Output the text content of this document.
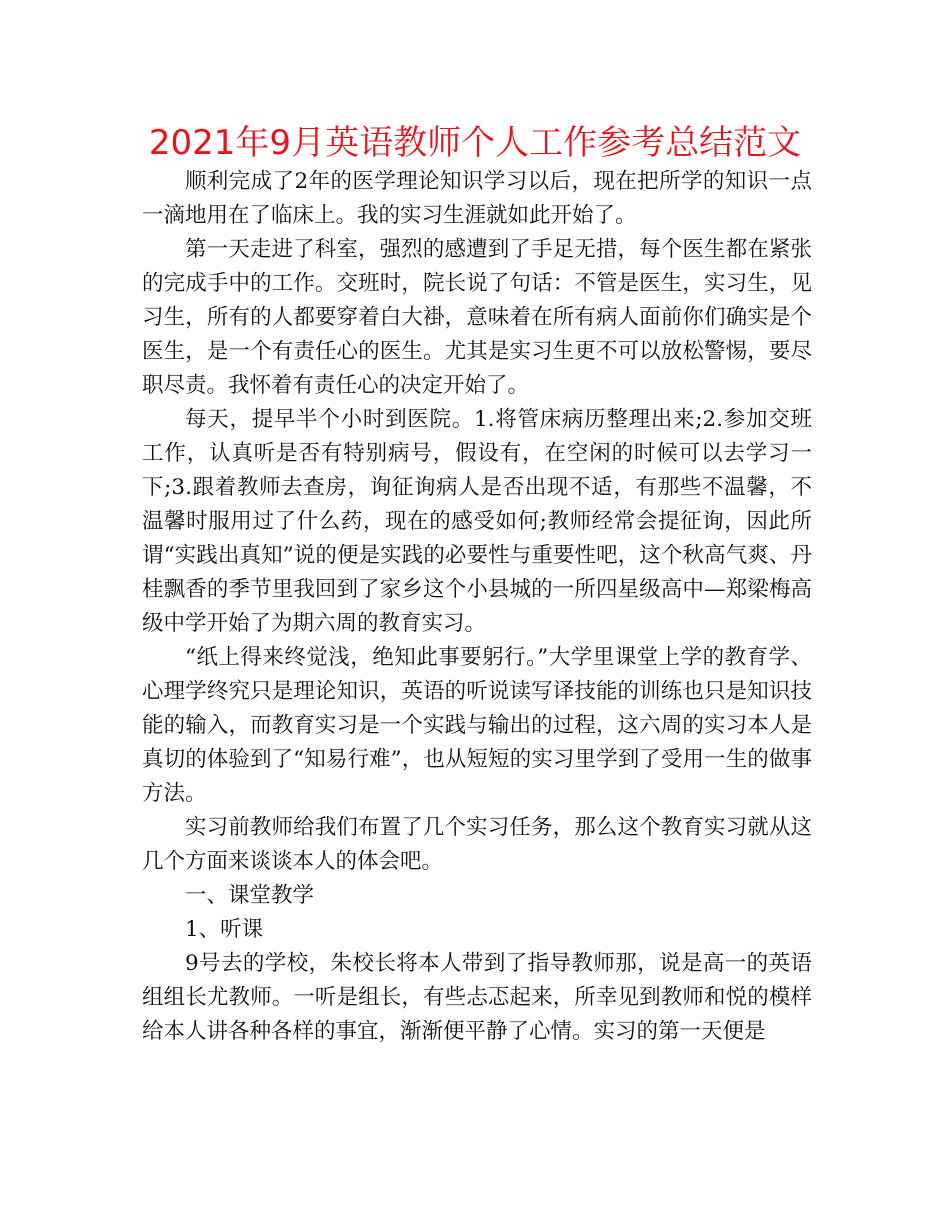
2021年9月英语教师个人工作参考总结范文

顺利完成了2年的医学理论知识学习以后，现在把所学的知识一点一滴地用在了临床上。我的实习生涯就如此开始了。

第一天走进了科室，强烈的感遭到了手足无措，每个医生都在紧张的完成手中的工作。交班时，院长说了句话：不管是医生，实习生，见习生，所有的人都要穿着白大褂，意味着在所有病人面前你们确实是个医生，是一个有责任心的医生。尤其是实习生更不可以放松警惕，要尽职尽责。我怀着有责任心的决定开始了。

每天，提早半个小时到医院。1.将管床病历整理出来;2.参加交班工作，认真听是否有特别病号，假设有，在空闲的时候可以去学习一下;3.跟着教师去查房，询征询病人是否出现不适，有那些不温馨，不温馨时服用过了什么药，现在的感受如何;教师经常会提征询，因此所谓“实践出真知”说的便是实践的必要性与重要性吧，这个秋高气爽、丹桂飘香的季节里我回到了家乡这个小县城的一所四星级高中—郑梁梅高级中学开始了为期六周的教育实习。

“纸上得来终觉浅，绝知此事要躬行。”大学里课堂上学的教育学、心理学终究只是理论知识，英语的听说读写译技能的训练也只是知识技能的输入，而教育实习是一个实践与输出的过程，这六周的实习本人是真切的体验到了“知易行难”，也从短短的实习里学到了受用一生的做事方法。

实习前教师给我们布置了几个实习任务，那么这个教育实习就从这几个方面来谈谈本人的体会吧。

一、课堂教学

1、听课

9号去的学校，朱校长将本人带到了指导教师那，说是高一的英语组组长尤教师。一听是组长，有些忐忑起来，所幸见到教师和悦的模样给本人讲各种各样的事宜，渐渐便平静了心情。实习的第一天便是
